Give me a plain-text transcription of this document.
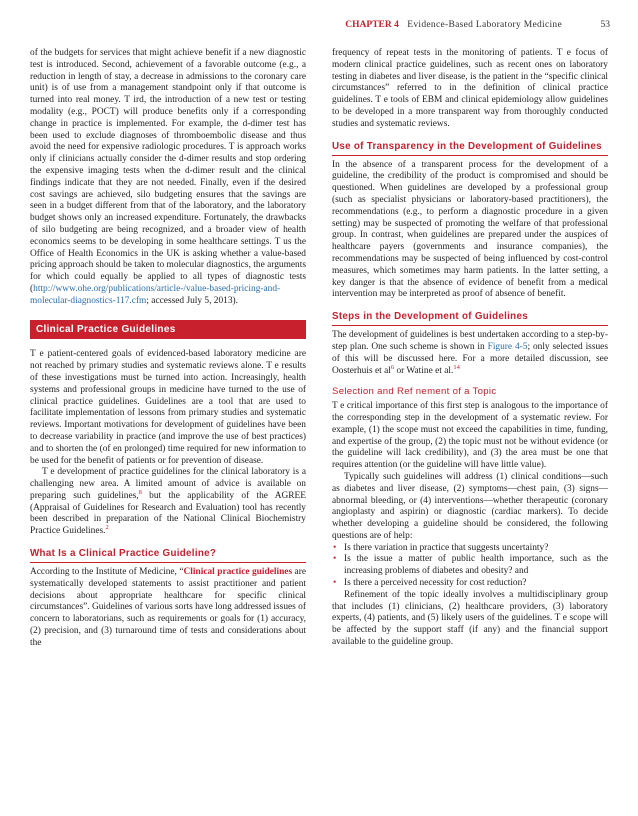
CHAPTER 4 Evidence-Based Laboratory Medicine	53

of the budgets for services that might achieve benefit if a new diagnostic test is introduced. Second, achievement of a favorable outcome (e.g., a reduction in length of stay, a decrease in admissions to the coronary care unit) is of use from a management standpoint only if that outcome is turned into real money. T ird, the introduction of a new test or testing modality (e.g., POCT) will produce benefits only if a corresponding change in practice is implemented. For example, the d-dimer test has been used to exclude diagnoses of thromboembolic disease and thus avoid the need for expensive radiologic procedures. T is approach works only if clinicians actually consider the d-dimer results and stop ordering the expensive imaging tests when the d-dimer result and the clinical findings indicate that they are not needed. Finally, even if the desired cost savings are achieved, silo budgeting ensures that the savings are seen in a budget different from that of the laboratory, and the laboratory budget shows only an increased expenditure. Fortunately, the drawbacks of silo budgeting are being recognized, and a broader view of health economics seems to be developing in some healthcare settings. T us the Office of Health Economics in the UK is asking whether a value-based pricing approach should be taken to molecular diagnostics, the arguments for which could equally be applied to all types of diagnostic tests (http://www.ohe.org/publications/article-/value-based-pricing-and-molecular-diagnostics-117.cfm; accessed July 5, 2013).

Clinical Practice Guidelines

T e patient-centered goals of evidenced-based laboratory medicine are not reached by primary studies and systematic reviews alone. T e results of these investigations must be turned into action. Increasingly, health systems and professional groups in medicine have turned to the use of clinical practice guidelines. Guidelines are a tool that are used to facilitate implementation of lessons from primary studies and systematic reviews. Important motivations for development of guidelines have been to decrease variability in practice (and improve the use of best practices) and to shorten the (of en prolonged) time required for new information to be used for the benefit of patients or for prevention of disease.

T e development of practice guidelines for the clinical laboratory is a challenging new area. A limited amount of advice is available on preparing such guidelines,$^8$ but the applicability of the AGREE (Appraisal of Guidelines for Research and Evaluation) tool has recently been described in preparation of the National Clinical Biochemistry Practice Guidelines.$^2$

What Is a Clinical Practice Guideline?

According to the Institute of Medicine, “Clinical practice guidelines are systematically developed statements to assist practitioner and patient decisions about appropriate healthcare for specific clinical circumstances”. Guidelines of various sorts have long addressed issues of concern to laboratorians, such as requirements or goals for (1) accuracy, (2) precision, and (3) turnaround time of tests and considerations about the

frequency of repeat tests in the monitoring of patients. T e focus of modern clinical practice guidelines, such as recent ones on laboratory testing in diabetes and liver disease, is the patient in the “specific clinical circumstances” referred to in the definition of clinical practice guidelines. T e tools of EBM and clinical epidemiology allow guidelines to be developed in a more transparent way from thoroughly conducted studies and systematic reviews.

Use of Transparency in the Development of Guidelines

In the absence of a transparent process for the development of a guideline, the credibility of the product is compromised and should be questioned. When guidelines are developed by a professional group (such as specialist physicians or laboratory-based practitioners), the recommendations (e.g., to perform a diagnostic procedure in a given setting) may be suspected of promoting the welfare of that professional group. In contrast, when guidelines are prepared under the auspices of healthcare payers (governments and insurance companies), the recommendations may be suspected of being influenced by cost-control measures, which sometimes may harm patients. In the latter setting, a key danger is that the absence of evidence of benefit from a medical intervention may be interpreted as proof of absence of benefit.

Steps in the Development of Guidelines

The development of guidelines is best undertaken according to a step-by-step plan. One such scheme is shown in Figure 4-5; only selected issues of this will be discussed here. For a more detailed discussion, see Oosterhuis et $al^6$ or Watine et al.$^{14}$

Selection and Ref nement of a Topic

T e critical importance of this first step is analogous to the importance of the corresponding step in the development of a systematic review. For example, (1) the scope must not exceed the capabilities in time, funding, and expertise of the group, (2) the topic must not be without evidence (or the guideline will lack credibility), and (3) the area must be one that requires attention (or the guideline will have little value).

Typically such guidelines will address (1) clinical conditions—such as diabetes and liver disease, (2) symptoms—chest pain, (3) signs—abnormal bleeding, or (4) interventions—whether therapeutic (coronary angioplasty and aspirin) or diagnostic (cardiac markers). To decide whether developing a guideline should be considered, the following questions are of help:

• Is there variation in practice that suggests uncertainty?
• Is the issue a matter of public health importance, such as the increasing problems of diabetes and obesity? and
• Is there a perceived necessity for cost reduction?

Refinement of the topic ideally involves a multidisciplinary group that includes (1) clinicians, (2) healthcare providers, (3) laboratory experts, (4) patients, and (5) likely users of the guidelines. T e scope will be affected by the support staff (if any) and the financial support available to the guideline group.
